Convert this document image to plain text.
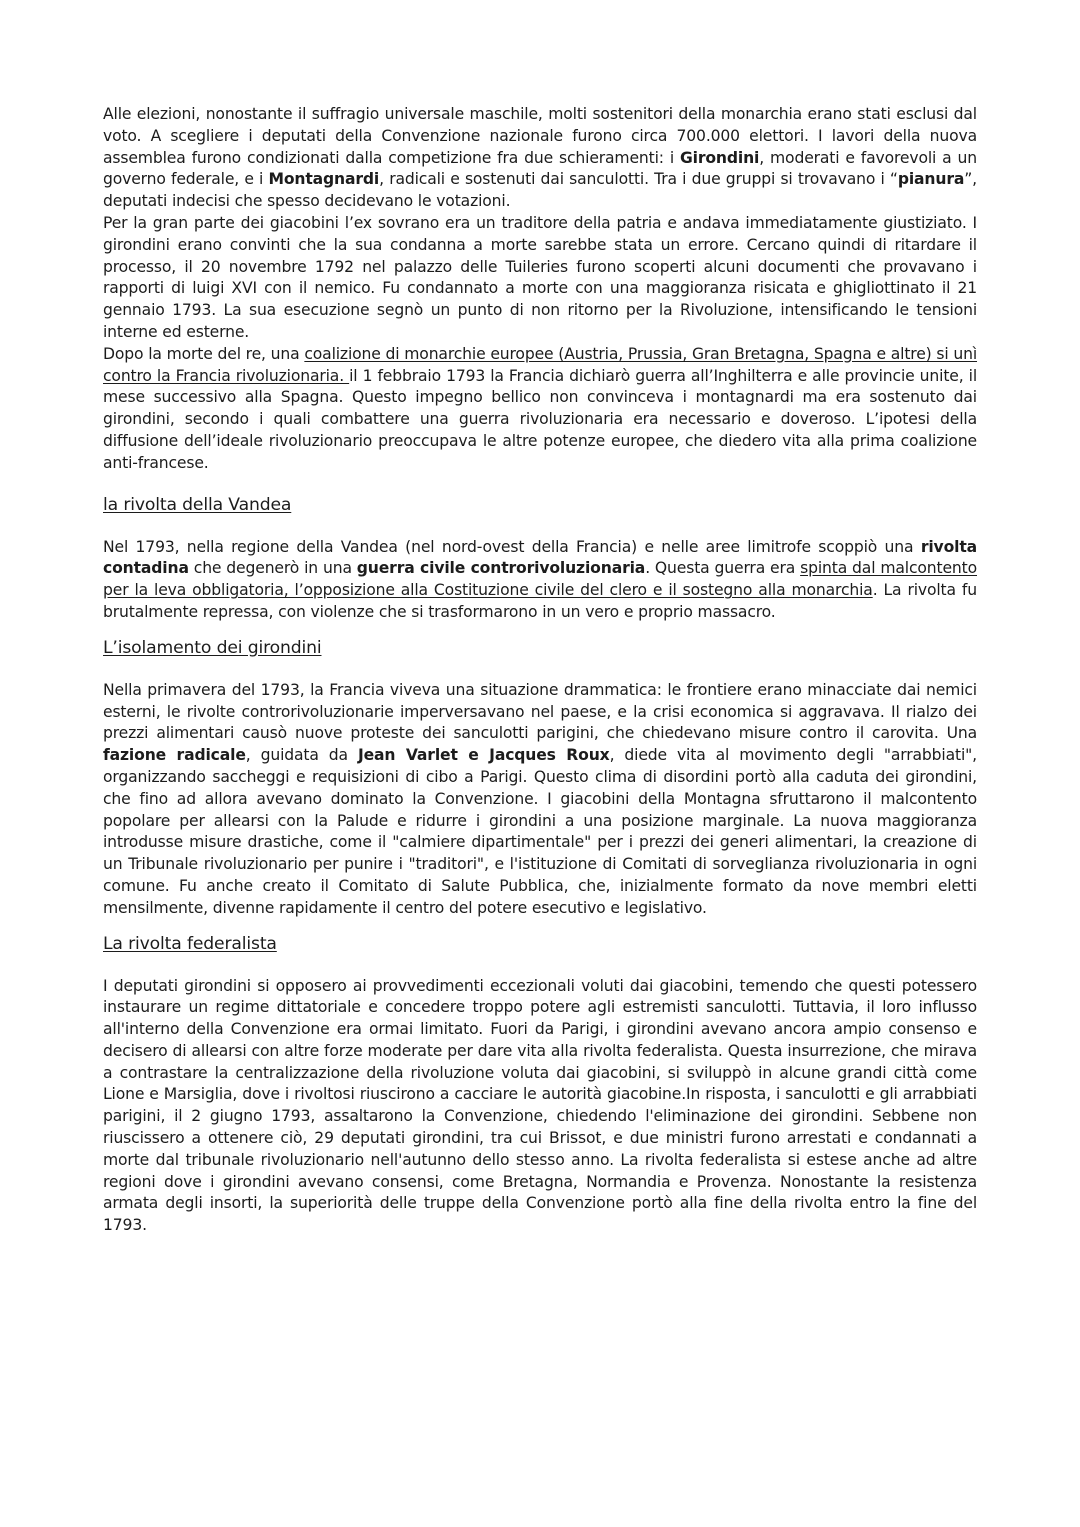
Alle elezioni, nonostante il suffragio universale maschile, molti sostenitori della monarchia erano stati esclusi dal voto. A scegliere i deputati della Convenzione nazionale furono circa 700.000 elettori. I lavori della nuova assemblea furono condizionati dalla competizione fra due schieramenti: i Girondini, moderati e favorevoli a un governo federale, e i Montagnardi, radicali e sostenuti dai sanculotti. Tra i due gruppi si trovavano i “pianura”, deputati indecisi che spesso decidevano le votazioni.

Per la gran parte dei giacobini l’ex sovrano era un traditore della patria e andava immediatamente giustiziato. I girondini erano convinti che la sua condanna a morte sarebbe stata un errore. Cercano quindi di ritardare il processo, il 20 novembre 1792 nel palazzo delle Tuileries furono scoperti alcuni documenti che provavano i rapporti di luigi XVI con il nemico. Fu condannato a morte con una maggioranza risicata e ghigliottinato il 21 gennaio 1793. La sua esecuzione segnò un punto di non ritorno per la Rivoluzione, intensificando le tensioni interne ed esterne.

Dopo la morte del re, una coalizione di monarchie europee (Austria, Prussia, Gran Bretagna, Spagna e altre) si unì contro la Francia rivoluzionaria. il 1 febbraio 1793 la Francia dichiarò guerra all’Inghilterra e alle provincie unite, il mese successivo alla Spagna. Questo impegno bellico non convinceva i montagnardi ma era sostenuto dai girondini, secondo i quali combattere una guerra rivoluzionaria era necessario e doveroso. L’ipotesi della diffusione dell’ideale rivoluzionario preoccupava le altre potenze europee, che diedero vita alla prima coalizione anti-francese.

la rivolta della Vandea

Nel 1793, nella regione della Vandea (nel nord-ovest della Francia) e nelle aree limitrofe scoppiò una rivolta contadina che degenerò in una guerra civile controrivoluzionaria. Questa guerra era spinta dal malcontento per la leva obbligatoria, l’opposizione alla Costituzione civile del clero e il sostegno alla monarchia. La rivolta fu brutalmente repressa, con violenze che si trasformarono in un vero e proprio massacro.

L’isolamento dei girondini

Nella primavera del 1793, la Francia viveva una situazione drammatica: le frontiere erano minacciate dai nemici esterni, le rivolte controrivoluzionarie imperversavano nel paese, e la crisi economica si aggravava. Il rialzo dei prezzi alimentari causò nuove proteste dei sanculotti parigini, che chiedevano misure contro il carovita. Una fazione radicale, guidata da Jean Varlet e Jacques Roux, diede vita al movimento degli "arrabbiati", organizzando saccheggi e requisizioni di cibo a Parigi. Questo clima di disordini portò alla caduta dei girondini, che fino ad allora avevano dominato la Convenzione. I giacobini della Montagna sfruttarono il malcontento popolare per allearsi con la Palude e ridurre i girondini a una posizione marginale. La nuova maggioranza introdusse misure drastiche, come il "calmiere dipartimentale" per i prezzi dei generi alimentari, la creazione di un Tribunale rivoluzionario per punire i "traditori", e l'istituzione di Comitati di sorveglianza rivoluzionaria in ogni comune. Fu anche creato il Comitato di Salute Pubblica, che, inizialmente formato da nove membri eletti mensilmente, divenne rapidamente il centro del potere esecutivo e legislativo.

La rivolta federalista

I deputati girondini si opposero ai provvedimenti eccezionali voluti dai giacobini, temendo che questi potessero instaurare un regime dittatoriale e concedere troppo potere agli estremisti sanculotti. Tuttavia, il loro influsso all'interno della Convenzione era ormai limitato. Fuori da Parigi, i girondini avevano ancora ampio consenso e decisero di allearsi con altre forze moderate per dare vita alla rivolta federalista. Questa insurrezione, che mirava a contrastare la centralizzazione della rivoluzione voluta dai giacobini, si sviluppò in alcune grandi città come Lione e Marsiglia, dove i rivoltosi riuscirono a cacciare le autorità giacobine.In risposta, i sanculotti e gli arrabbiati parigini, il 2 giugno 1793, assaltarono la Convenzione, chiedendo l'eliminazione dei girondini. Sebbene non riuscissero a ottenere ciò, 29 deputati girondini, tra cui Brissot, e due ministri furono arrestati e condannati a morte dal tribunale rivoluzionario nell'autunno dello stesso anno. La rivolta federalista si estese anche ad altre regioni dove i girondini avevano consensi, come Bretagna, Normandia e Provenza. Nonostante la resistenza armata degli insorti, la superiorità delle truppe della Convenzione portò alla fine della rivolta entro la fine del 1793.
